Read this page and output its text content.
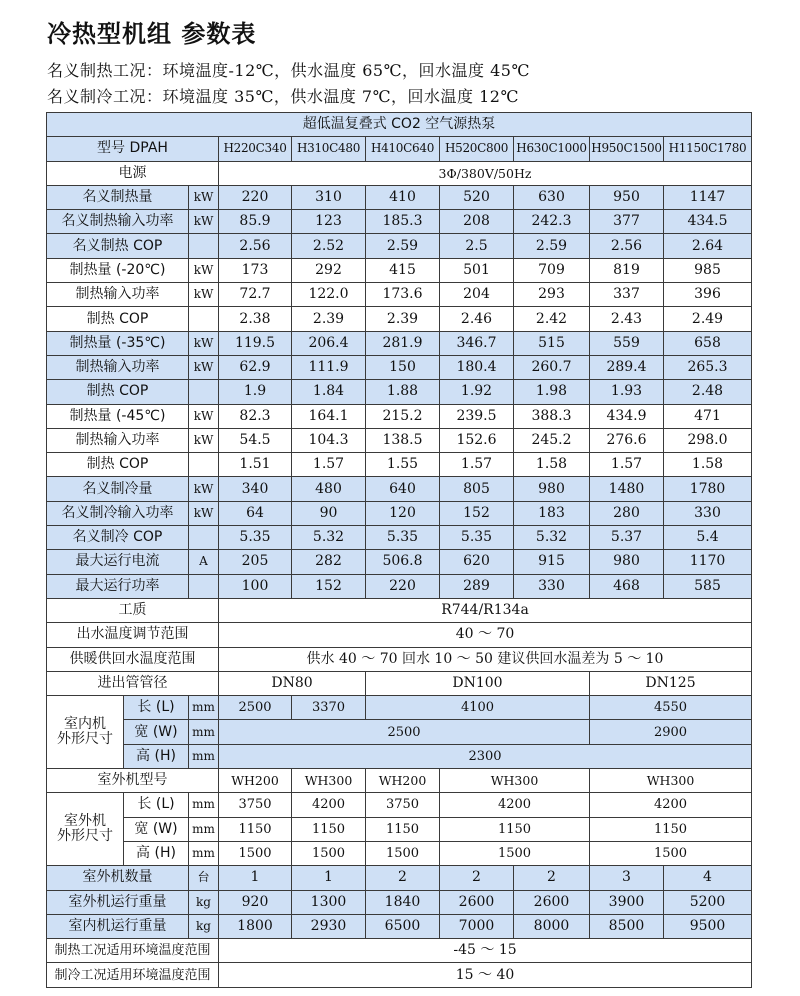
冷热型机组 参数表
名义制热工况：环境温度-12℃，供水温度 65℃，回水温度 45℃
名义制冷工况：环境温度 35℃，供水温度 7℃，回水温度 12℃
超低温复叠式 CO2 空气源热泵									
型号 DPAH			H220C340	H310C480	H410C640	H520C800	H630C1000	H950C1500	H1150C1780
电源			3Φ/380V/50Hz						
名义制热量		kW	220	310	410	520	630	950	1147
名义制热输入功率		kW	85.9	123	185.3	208	242.3	377	434.5
名义制热 COP			2.56	2.52	2.59	2.5	2.59	2.56	2.64
制热量 (-20℃)		kW	173	292	415	501	709	819	985
制热输入功率		kW	72.7	122.0	173.6	204	293	337	396
制热 COP			2.38	2.39	2.39	2.46	2.42	2.43	2.49
制热量 (-35℃)		kW	119.5	206.4	281.9	346.7	515	559	658
制热输入功率		kW	62.9	111.9	150	180.4	260.7	289.4	265.3
制热 COP			1.9	1.84	1.88	1.92	1.98	1.93	2.48
制热量 (-45℃)		kW	82.3	164.1	215.2	239.5	388.3	434.9	471
制热输入功率		kW	54.5	104.3	138.5	152.6	245.2	276.6	298.0
制热 COP			1.51	1.57	1.55	1.57	1.58	1.57	1.58
名义制冷量		kW	340	480	640	805	980	1480	1780
名义制冷输入功率		kW	64	90	120	152	183	280	330
名义制冷 COP			5.35	5.32	5.35	5.35	5.32	5.37	5.4
最大运行电流		A	205	282	506.8	620	915	980	1170
最大运行功率			100	152	220	289	330	468	585
工质			R744/R134a						
出水温度调节范围			40 ～ 70						
供暖供回水温度范围			供水 40 ～ 70 回水 10 ～ 50 建议供回水温差为 5 ～ 10						
进出管管径			DN80		DN100			DN125	
室内机
外形尺寸	长 (L)	mm	2500	3370	4100			4550	
	宽 (W)	mm	2500					2900	
	高 (H)	mm	2300						
室外机型号			WH200	WH300	WH200	WH300		WH300	
室外机
外形尺寸	长 (L)	mm	3750	4200	3750	4200		4200	
	宽 (W)	mm	1150	1150	1150	1150		1150	
	高 (H)	mm	1500	1500	1500	1500		1500	
室外机数量		台	1	1	2	2	2	3	4
室外机运行重量		kg	920	1300	1840	2600	2600	3900	5200
室内机运行重量		kg	1800	2930	6500	7000	8000	8500	9500
制热工况适用环境温度范围			-45 ～ 15						
制冷工况适用环境温度范围			15 ～ 40						
